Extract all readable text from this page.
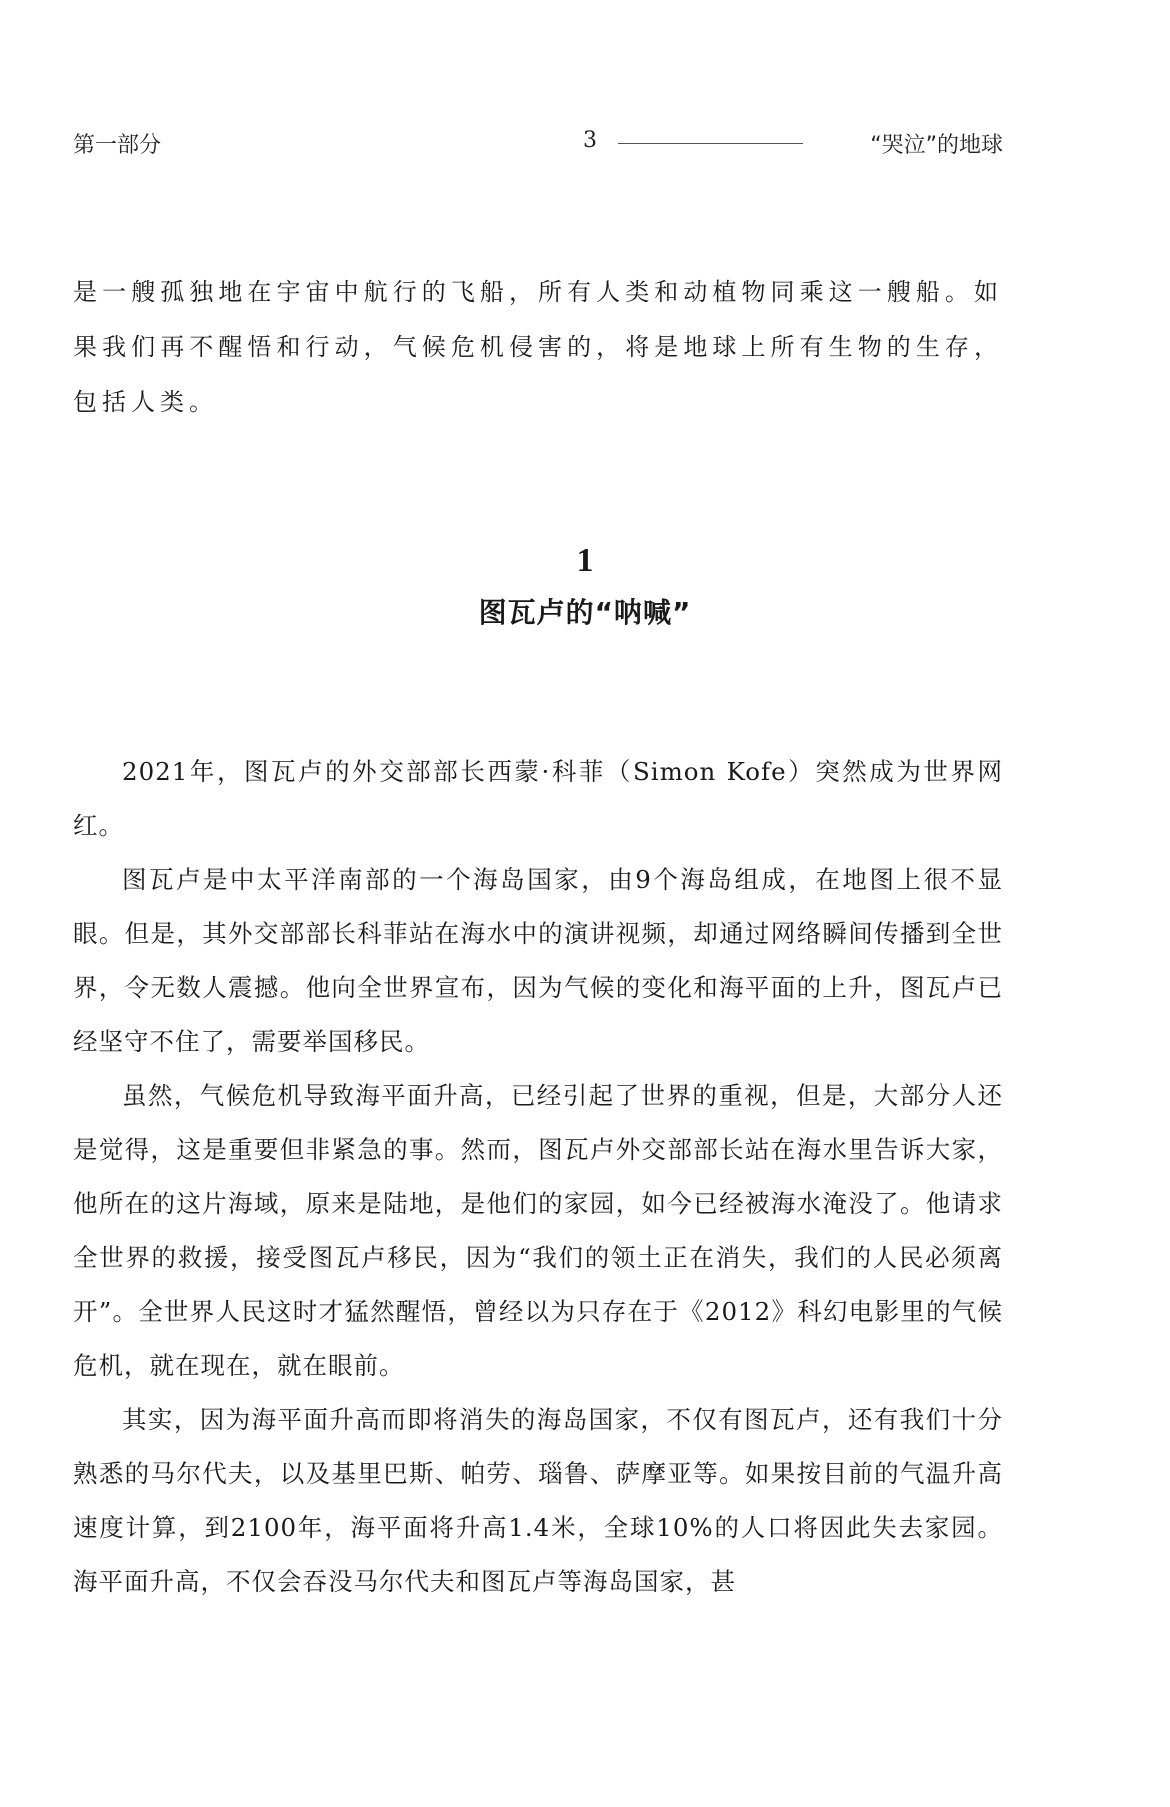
第一部分	3	“哭泣”的地球

是一艘孤独地在宇宙中航行的飞船，所有人类和动植物同乘这一艘船。如果我们再不醒悟和行动，气候危机侵害的，将是地球上所有生物的生存，包括人类。

1
图瓦卢的“呐喊”

2021年，图瓦卢的外交部部长西蒙·科菲（Simon Kofe）突然成为世界网红。

图瓦卢是中太平洋南部的一个海岛国家，由9个海岛组成，在地图上很不显眼。但是，其外交部部长科菲站在海水中的演讲视频，却通过网络瞬间传播到全世界，令无数人震撼。他向全世界宣布，因为气候的变化和海平面的上升，图瓦卢已经坚守不住了，需要举国移民。

虽然，气候危机导致海平面升高，已经引起了世界的重视，但是，大部分人还是觉得，这是重要但非紧急的事。然而，图瓦卢外交部部长站在海水里告诉大家，他所在的这片海域，原来是陆地，是他们的家园，如今已经被海水淹没了。他请求全世界的救援，接受图瓦卢移民，因为“我们的领土正在消失，我们的人民必须离开”。全世界人民这时才猛然醒悟，曾经以为只存在于《2012》科幻电影里的气候危机，就在现在，就在眼前。

其实，因为海平面升高而即将消失的海岛国家，不仅有图瓦卢，还有我们十分熟悉的马尔代夫，以及基里巴斯、帕劳、瑙鲁、萨摩亚等。如果按目前的气温升高速度计算，到2100年，海平面将升高1.4米，全球10%的人口将因此失去家园。海平面升高，不仅会吞没马尔代夫和图瓦卢等海岛国家，甚
